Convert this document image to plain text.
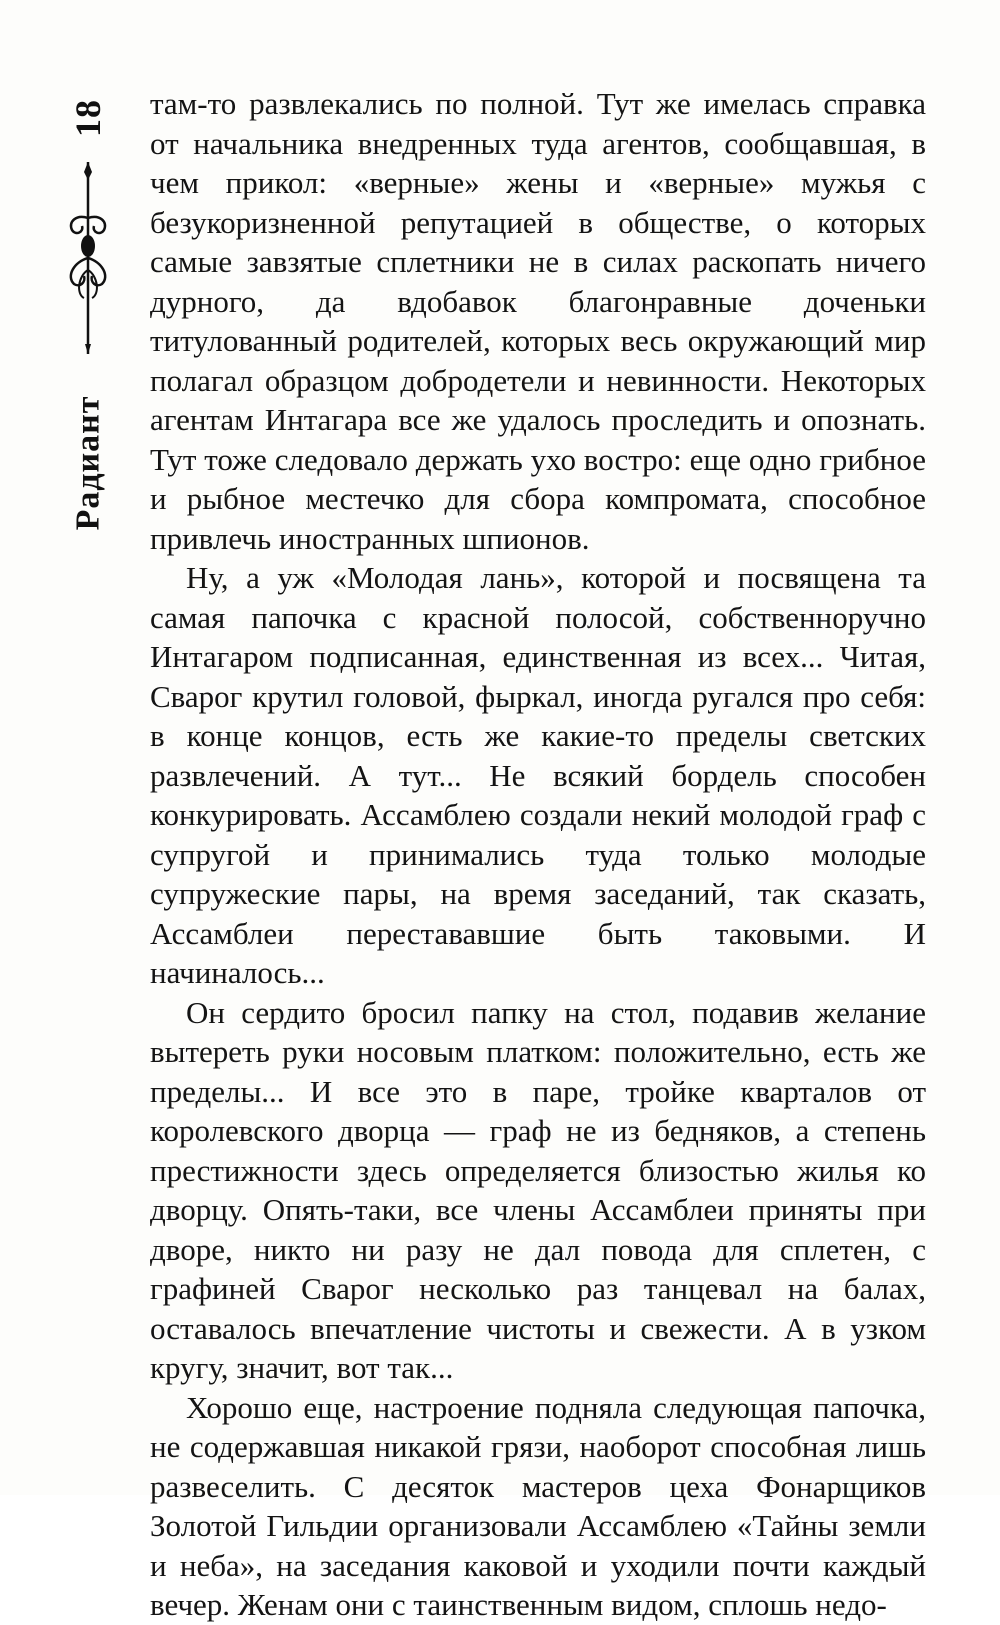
18
Радиант

там-то развлекались по полной. Тут же имелась справка от начальника внедренных туда агентов, сообщавшая, в чем прикол: «верные» жены и «верные» мужья с безукоризненной репутацией в обществе, о которых самые завзятые сплетники не в силах раскопать ничего дурного, да вдобавок благонравные доченьки титулованный родителей, которых весь окружающий мир полагал образцом добродетели и невинности. Некоторых агентам Интагара все же удалось проследить и опознать. Тут тоже следовало держать ухо востро: еще одно грибное и рыбное местечко для сбора компромата, способное привлечь иностранных шпионов.

Ну, а уж «Молодая лань», которой и посвящена та самая папочка с красной полосой, собственноручно Интагаром подписанная, единственная из всех... Читая, Сварог крутил головой, фыркал, иногда ругался про себя: в конце концов, есть же какие-то пределы светских развлечений. А тут... Не всякий бордель способен конкурировать. Ассамблею создали некий молодой граф с супругой и принимались туда только молодые супружеские пары, на время заседаний, так сказать, Ассамблеи перестававшие быть таковыми. И начиналось...

Он сердито бросил папку на стол, подавив желание вытереть руки носовым платком: положительно, есть же пределы... И все это в паре, тройке кварталов от королевского дворца — граф не из бедняков, а степень престижности здесь определяется близостью жилья ко дворцу. Опять-таки, все члены Ассамблеи приняты при дворе, никто ни разу не дал повода для сплетен, с графиней Сварог несколько раз танцевал на балах, оставалось впечатление чистоты и свежести. А в узком кругу, значит, вот так...

Хорошо еще, настроение подняла следующая папочка, не содержавшая никакой грязи, наоборот способная лишь развеселить. С десяток мастеров цеха Фонарщиков Золотой Гильдии организовали Ассамблею «Тайны земли и неба», на заседания каковой и уходили почти каждый вечер. Женам они с таинственным видом, сплошь недо-
